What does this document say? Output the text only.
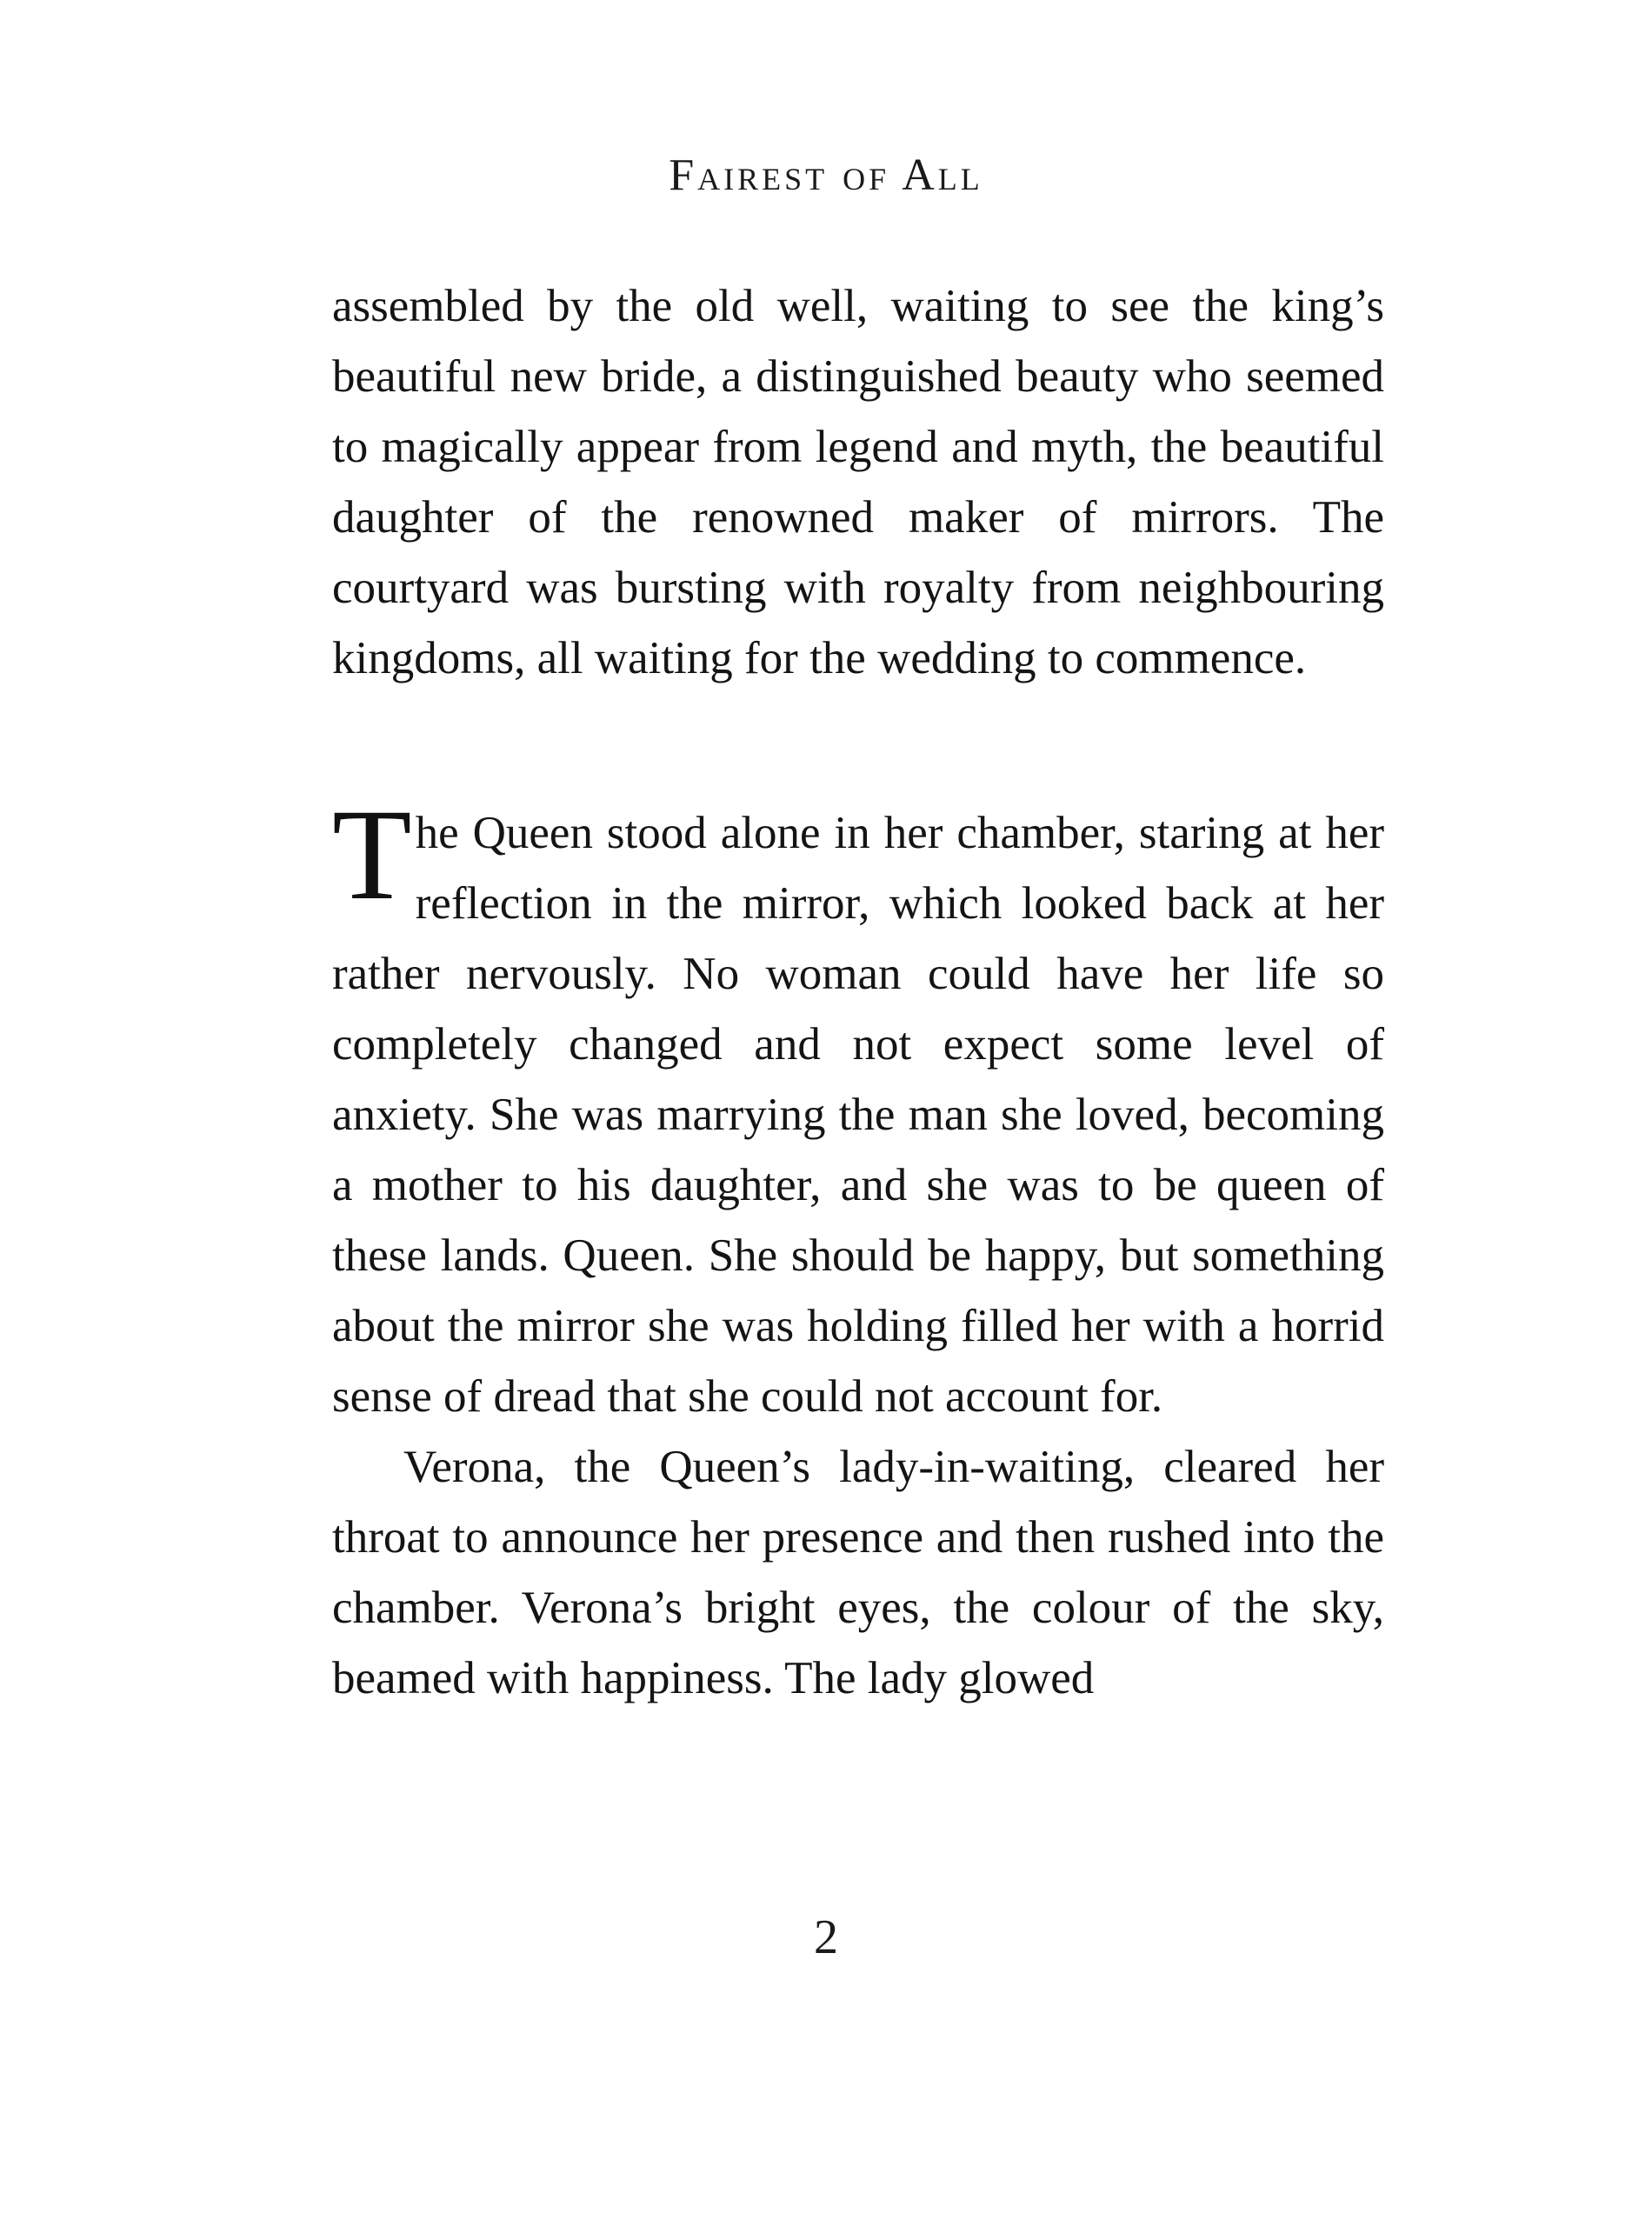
Fairest of All

assembled by the old well, waiting to see the king’s beautiful new bride, a distinguished beauty who seemed to magically appear from legend and myth, the beautiful daughter of the renowned maker of mirrors. The courtyard was bursting with royalty from neighbouring kingdoms, all waiting for the wedding to commence.

The Queen stood alone in her chamber, staring at her reflection in the mirror, which looked back at her rather nervously. No woman could have her life so completely changed and not expect some level of anxiety. She was marrying the man she loved, becoming a mother to his daughter, and she was to be queen of these lands. Queen. She should be happy, but something about the mirror she was holding filled her with a horrid sense of dread that she could not account for.

Verona, the Queen’s lady-in-waiting, cleared her throat to announce her presence and then rushed into the chamber. Verona’s bright eyes, the colour of the sky, beamed with happiness. The lady glowed

2
